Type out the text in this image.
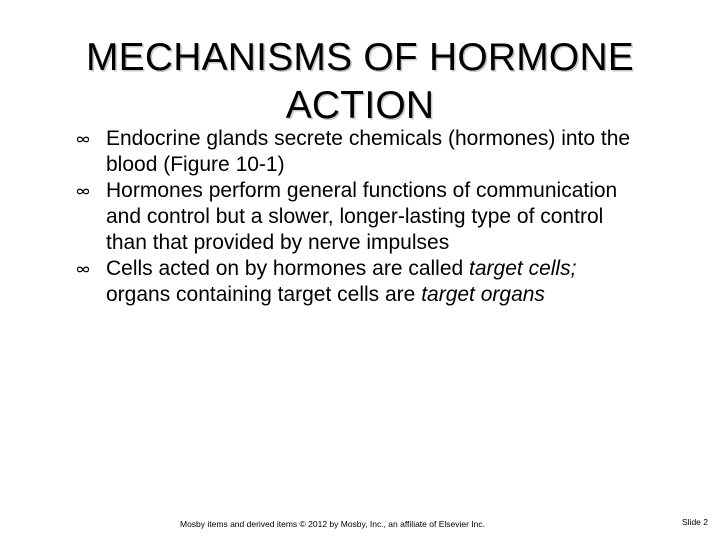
MECHANISMS OF HORMONE
ACTION
Endocrine glands secrete chemicals (hormones) into the blood (Figure 10-1)
Hormones perform general functions of communication and control but a slower, longer-lasting type of control than that provided by nerve impulses
Cells acted on by hormones are called target cells; organs containing target cells are target organs
Mosby items and derived items © 2012 by Mosby, Inc., an affiliate of Elsevier Inc.	Slide 2
